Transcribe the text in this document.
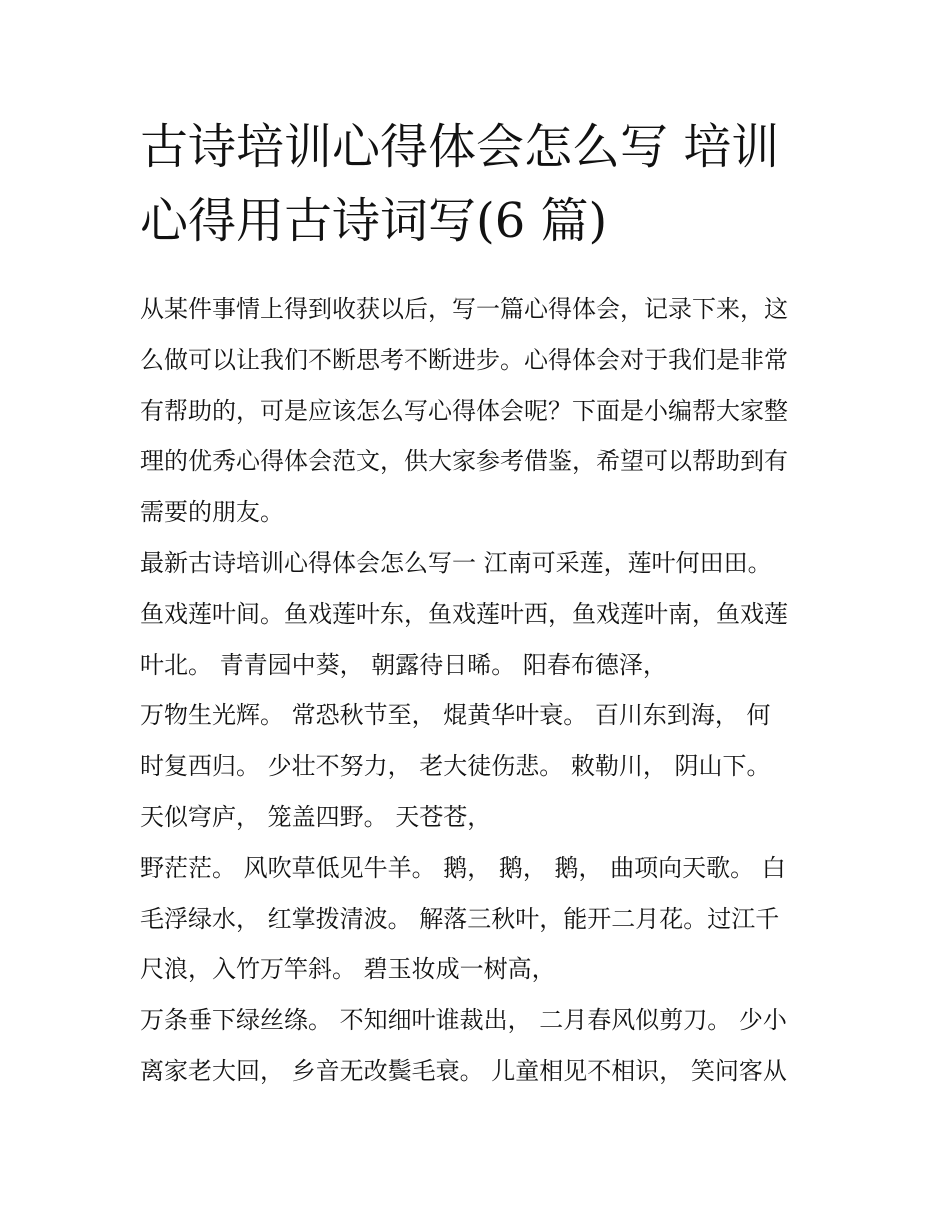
古诗培训心得体会怎么写 培训
心得用古诗词写(6 篇)
从某件事情上得到收获以后，写一篇心得体会，记录下来，这
么做可以让我们不断思考不断进步。心得体会对于我们是非常
有帮助的，可是应该怎么写心得体会呢？下面是小编帮大家整
理的优秀心得体会范文，供大家参考借鉴，希望可以帮助到有
需要的朋友。
最新古诗培训心得体会怎么写一 江南可采莲，莲叶何田田。
鱼戏莲叶间。鱼戏莲叶东，鱼戏莲叶西，鱼戏莲叶南，鱼戏莲
叶北。 青青园中葵， 朝露待日晞。 阳春布德泽，
万物生光辉。 常恐秋节至， 焜黄华叶衰。 百川东到海， 何
时复西归。 少壮不努力， 老大徒伤悲。 敕勒川， 阴山下。
天似穹庐， 笼盖四野。 天苍苍，
野茫茫。 风吹草低见牛羊。 鹅， 鹅， 鹅， 曲项向天歌。 白
毛浮绿水， 红掌拨清波。 解落三秋叶，能开二月花。过江千
尺浪，入竹万竿斜。 碧玉妆成一树高，
万条垂下绿丝绦。 不知细叶谁裁出， 二月春风似剪刀。 少小
离家老大回， 乡音无改鬓毛衰。 儿童相见不相识， 笑问客从
